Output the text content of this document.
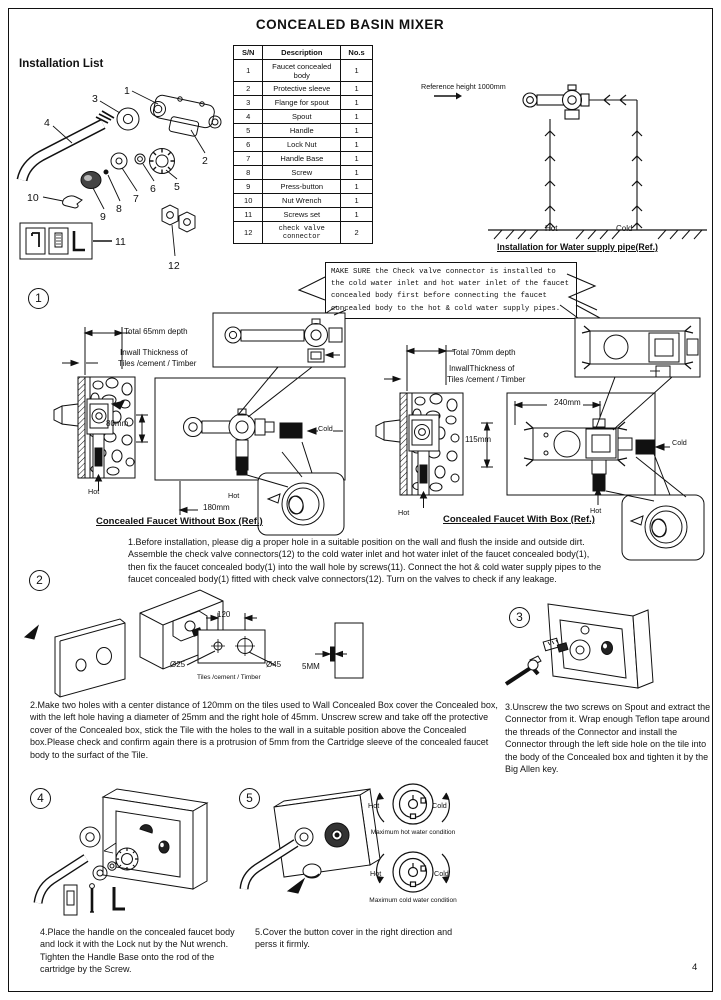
CONCEALED BASIN MIXER
Installation List
1
2
3
4
5
6
7
8
9
10
11
12
S/N	Description	No.s
1	Faucet concealed body	1
2	Protective sleeve	1
3	Flange for spout	1
4	Spout	1
5	Handle	1
6	Lock Nut	1
7	Handle Base	1
8	Screw	1
9	Press-button	1
10	Nut Wrench	1
11	Screws set	1
12	check valve connector	2
Reference height 1000mm
Hot	Cold
Installation for Water supply pipe(Ref.)
MAKE SURE the Check valve connector is installed to the cold water inlet and hot water inlet of the faucet concealed body first before connecting the faucet concealed body to the hot & cold water supply pipes.
1
Total 65mm depth
Inwall Thickness of
Tiles /cement / Timber
80mm
180mm
Hot	Hot
Cold
Concealed Faucet Without Box (Ref.)
Total 70mm depth
InwallThickness of
Tiles /cement / Timber
115mm
240mm
Hot	Hot
Cold
Concealed Faucet With Box (Ref.)
1.Before installation, please dig a proper hole in a suitable position on the wall and flush the inside and outside dirt. Assemble the check valve connectors(12) to the cold water inlet and hot water inlet of the faucet concealed body(1), then fix the faucet concealed body(1) into the wall hole by screws(11). Connect the hot & cold water supply pipes to the faucet concealed body(1) fitted with check valve connectors(12). Turn on the valves to check if any leakage.
2
120
Ø25	Ø45
Tiles /cement / Timber
5MM
2.Make two holes with a center distance of 120mm on the tiles used to Wall Concealed Box cover the Concealed box, with the left hole having a diameter of 25mm and the right hole of 45mm. Unscrew screw and take off the protective cover of the Concealed box, stick the Tile with the holes to the wall in a suitable position above the Concealed box.Please check and confirm again there is a protrusion of 5mm from the Cartridge sleeve of the concealed faucet body to the surfact of the Tile.
3
3.Unscrew the two screws on Spout and extract the Connector from it. Wrap enough Teflon tape around the threads of the Connector and install the Connector through the left side hole on the tile into the body of the Concealed box and tighten it by the Big Allen key.
4
4.Place the handle on the concealed faucet body and lock it with the Lock nut by the Nut wrench. Tighten the Handle Base onto the rod of the cartridge by the Screw.
5
5.Cover the button cover in the right direction and perss it firmly.
Hot	Cold
Maximum hot water condition
Hot	Cold
Maximum cold water condition
4
